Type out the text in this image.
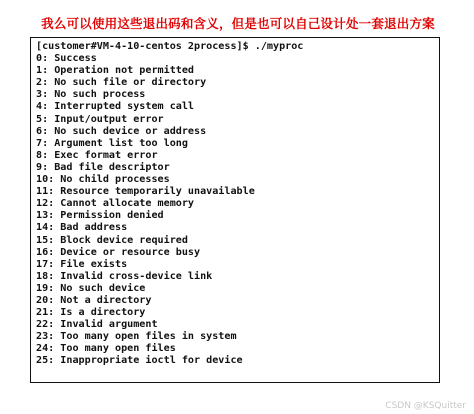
我么可以使用这些退出码和含义，但是也可以自己设计处一套退出方案
[customer#VM-4-10-centos 2process]$ ./myproc
0: Success
1: Operation not permitted
2: No such file or directory
3: No such process
4: Interrupted system call
5: Input/output error
6: No such device or address
7: Argument list too long
8: Exec format error
9: Bad file descriptor
10: No child processes
11: Resource temporarily unavailable
12: Cannot allocate memory
13: Permission denied
14: Bad address
15: Block device required
16: Device or resource busy
17: File exists
18: Invalid cross-device link
19: No such device
20: Not a directory
21: Is a directory
22: Invalid argument
23: Too many open files in system
24: Too many open files
25: Inappropriate ioctl for device
CSDN @KSQuitter
